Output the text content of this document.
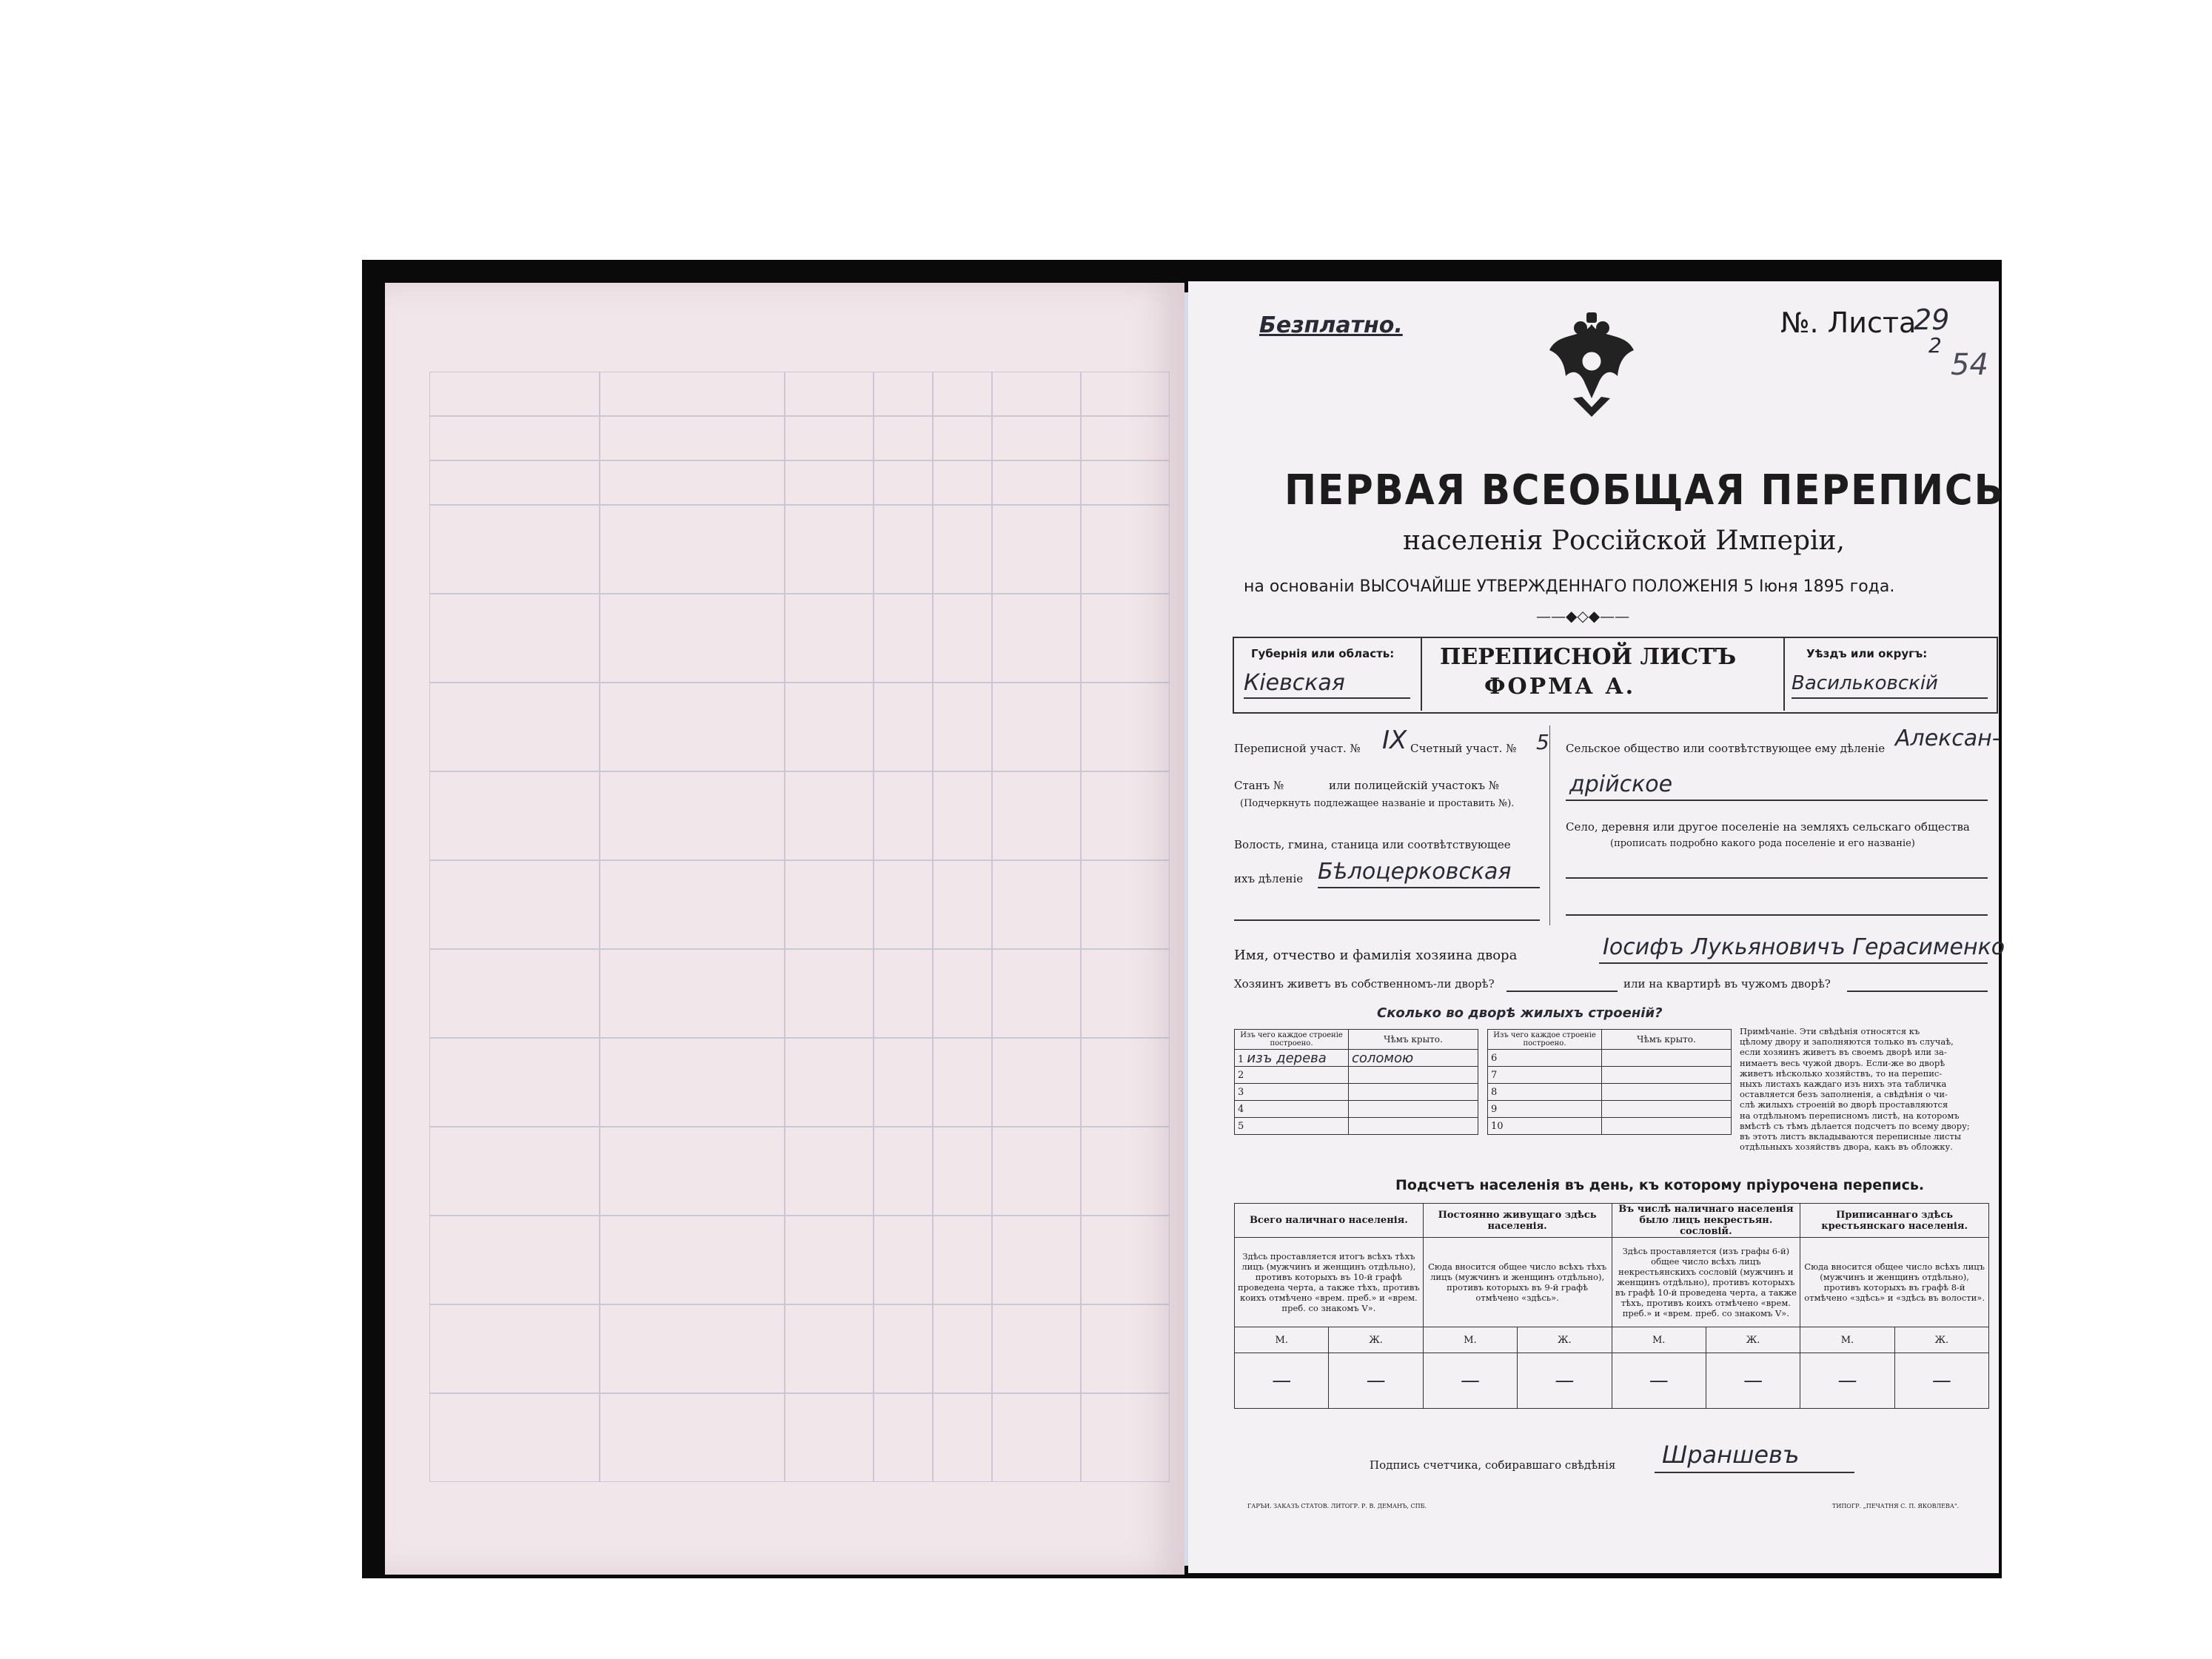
Безплатно.	№. Листа
29
2
54
ПЕРВАЯ ВСЕОБЩАЯ ПЕРЕПИСЬ
населенія Россійской Имперіи,
на основаніи ВЫСОЧАЙШЕ УТВЕРЖДЕННАГО ПОЛОЖЕНІЯ 5 Іюня 1895 года.
——◆◇◆——
Губернія или область:
Кіевская
ПЕРЕПИСНОЙ ЛИСТЪ
ФОРМА А.
Уѣздъ или округъ:
Васильковскій
Переписной участ. № IX Счетный участ. № 5
Станъ №	или полицейскій участокъ №
(Подчеркнуть подлежащее названіе и проставить №).
Волость, гмина, станица или соотвѣтствующее
ихъ дѣленіе Бѣлоцерковская
Сельское общество или соотвѣтствующее ему дѣленіе Алексан-
дрійское
Село, деревня или другое поселеніе на земляхъ сельскаго общества
(прописать подробно какого рода поселеніе и его названіе)
Имя, отчество и фамилія хозяина двора	Іосифъ Лукьяновичъ Герасименко
Хозяинъ живетъ въ собственномъ-ли дворѣ?	или на квартирѣ въ чужомъ дворѣ?
Сколько во дворѣ жилыхъ строеній?
Изъ чего каждое строеніе построено.	Чѣмъ крыто.
1 изъ дерева	соломою
2	
3	
4	
5	
Изъ чего каждое строеніе построено.	Чѣмъ крыто.
6	
7	
8	
9	
10	
Примѣчаніе. Эти свѣдѣнія относятся къ
цѣлому двору и заполняются только въ случаѣ,
если хозяинъ живетъ въ своемъ дворѣ или за-
нимаетъ весь чужой дворъ. Если-же во дворѣ
живетъ нѣсколько хозяйствъ, то на перепис-
ныхъ листахъ каждаго изъ нихъ эта табличка
оставляется безъ заполненія, а свѣдѣнія о чи-
слѣ жилыхъ строеній во дворѣ проставляются
на отдѣльномъ переписномъ листѣ, на которомъ
вмѣстѣ съ тѣмъ дѣлается подсчетъ по всему двору;
въ этотъ листъ вкладываются переписные листы
отдѣльныхъ хозяйствъ двора, какъ въ обложку.
Подсчетъ населенія въ день, къ которому пріурочена перепись.
Всего наличнаго населенія.		Постоянно живущаго здѣсь населенія.		Въ числѣ наличнаго населенія было лицъ некрестьян. сословій.		Приписаннаго здѣсь крестьянскаго населенія.	
Здѣсь проставляется итогъ всѣхъ тѣхъ лицъ (мужчинъ и женщинъ отдѣльно), противъ которыхъ въ 10-й графѣ проведена черта, а также тѣхъ, противъ коихъ отмѣчено «врем. преб.» и «врем. преб. со знакомъ V».		Сюда вносится общее число всѣхъ тѣхъ лицъ (мужчинъ и женщинъ отдѣльно), противъ которыхъ въ 9-й графѣ отмѣчено «здѣсь».		Здѣсь проставляется (изъ графы 6-й) общее число всѣхъ лицъ некрестьянскихъ сословій (мужчинъ и женщинъ отдѣльно), противъ которыхъ въ графѣ 10-й проведена черта, а также тѣхъ, противъ коихъ отмѣчено «врем. преб.» и «врем. преб. со знакомъ V».		Сюда вносится общее число всѣхъ лицъ (мужчинъ и женщинъ отдѣльно), противъ которыхъ въ графѣ 8-й отмѣчено «здѣсь» и «здѣсь въ волости».	
М.	Ж.	М.	Ж.	М.	Ж.	М.	Ж.
—	—	—	—	—	—	—	—
Подпись счетчика, собиравшаго свѣдѣнія Шраншевъ
ГАРЪИ. ЗАКАЗЪ СТАТОВ. ЛИТОГР. Р. В. ДЕМАНЪ, СПБ.	ТИПОГР. „ПЕЧАТНЯ С. П. ЯКОВЛЕВА".
